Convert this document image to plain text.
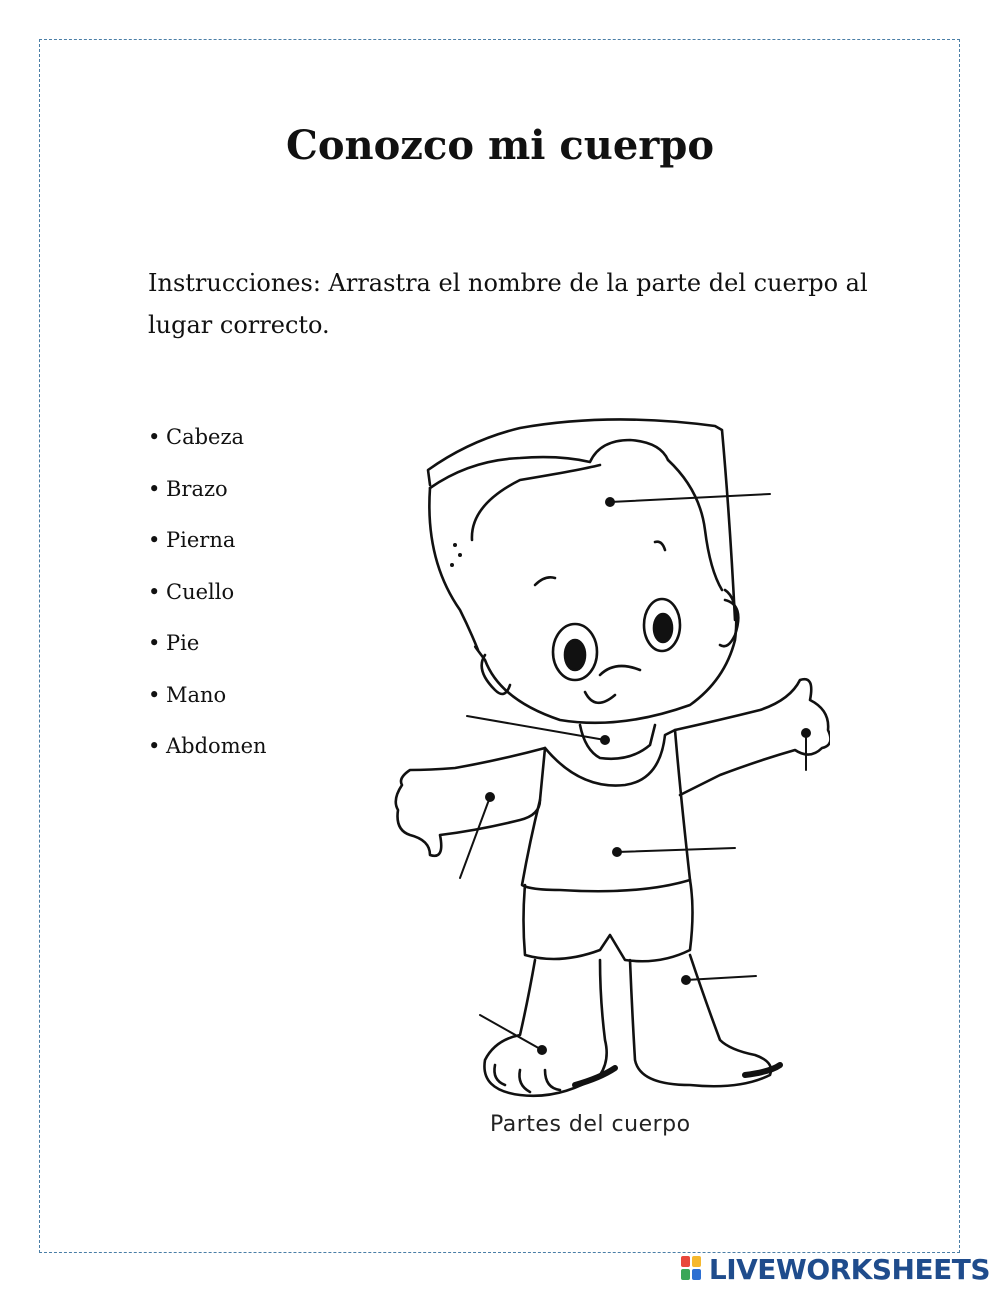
Conozco mi cuerpo

Instrucciones: Arrastra el nombre de la parte del cuerpo al lugar correcto.

• Cabeza
• Brazo
• Pierna
• Cuello
• Pie
• Mano
• Abdomen
Partes del cuerpo
LIVEWORKSHEETS
